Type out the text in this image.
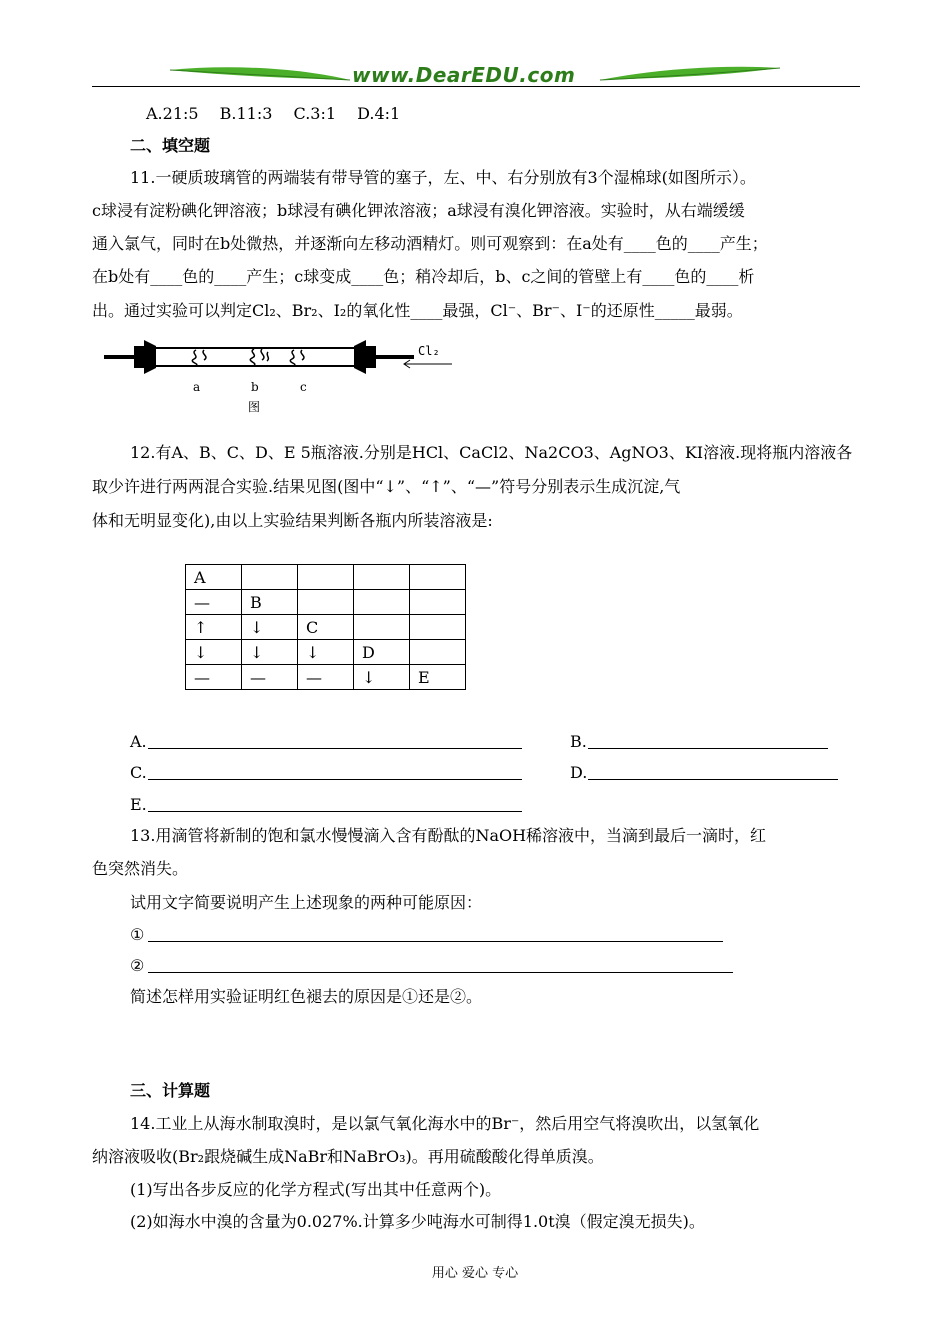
www.DearEDU.com
A.21:5　 B.11:3　 C.3:1　 D.4:1
二、填空题
11.一硬质玻璃管的两端装有带导管的塞子，左、中、右分别放有3个湿棉球(如图所示）。
c球浸有淀粉碘化钾溶液；b球浸有碘化钾浓溶液；a球浸有溴化钾溶液。实验时，从右端缓缓
通入氯气，同时在b处微热，并逐渐向左移动酒精灯。则可观察到：在a处有____色的____产生；
在b处有____色的____产生；c球变成____色；稍冷却后，b、c之间的管壁上有____色的____析
出。通过实验可以判定Cl₂、Br₂、I₂的氧化性____最强，Cl⁻、Br⁻、I⁻的还原性_____最弱。
Cl₂
a	b	c
图
12.有A、B、C、D、E 5瓶溶液.分别是HCl、CaCl2、Na2CO3、AgNO3、KI溶液.现将瓶内溶液各
取少许进行两两混合实验.结果见图(图中“↓”、“↑”、“—”符号分别表示生成沉淀,气
体和无明显变化),由以上实验结果判断各瓶内所装溶液是:
A				
—	B			
↑	↓	C		
↓	↓	↓	D	
—	—	—	↓	E
A.	B.
C.	D.
E.
13.用滴管将新制的饱和氯水慢慢滴入含有酚酞的NaOH稀溶液中，当滴到最后一滴时，红
色突然消失。
试用文字简要说明产生上述现象的两种可能原因：
①
②
简述怎样用实验证明红色褪去的原因是①还是②。
三、计算题
14.工业上从海水制取溴时，是以氯气氧化海水中的Br⁻，然后用空气将溴吹出，以氢氧化
纳溶液吸收(Br₂跟烧碱生成NaBr和NaBrO₃)。再用硫酸酸化得单质溴。
(1)写出各步反应的化学方程式(写出其中任意两个)。
(2)如海水中溴的含量为0.027%.计算多少吨海水可制得1.0t溴（假定溴无损失)。
用心 爱心 专心
